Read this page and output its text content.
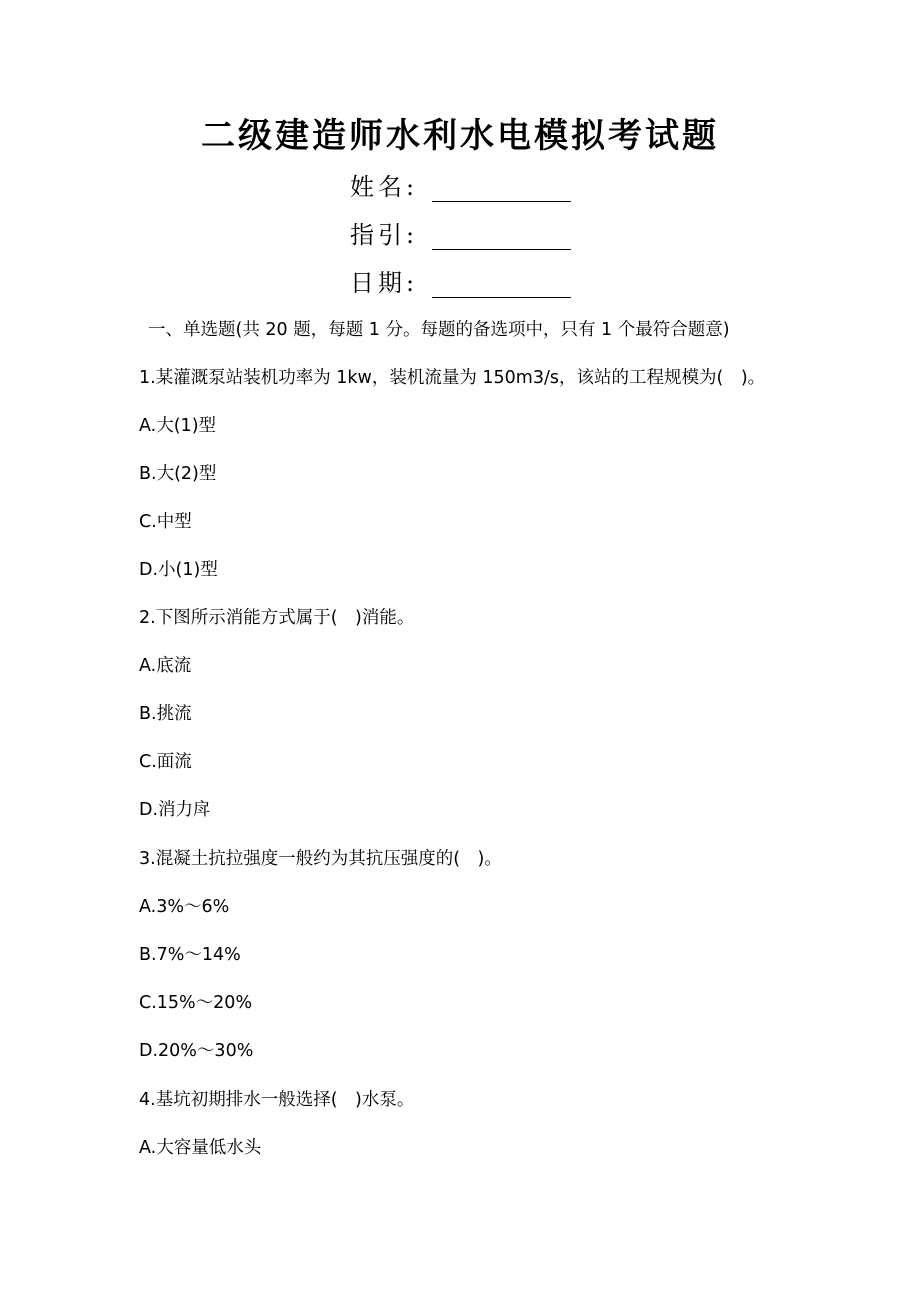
二级建造师水利水电模拟考试题
姓名:
指引:
日期:
一、单选题(共 20 题，每题 1 分。每题的备选项中，只有 1 个最符合题意)
1.某灌溉泵站装机功率为 1kw，装机流量为 150m3/s，该站的工程规模为(　)。
A.大(1)型
B.大(2)型
C.中型
D.小(1)型
2.下图所示消能方式属于(　)消能。
A.底流
B.挑流
C.面流
D.消力戽
3.混凝土抗拉强度一般约为其抗压强度的(　)。
A.3%～6%
B.7%～14%
C.15%～20%
D.20%～30%
4.基坑初期排水一般选择(　)水泵。
A.大容量低水头
